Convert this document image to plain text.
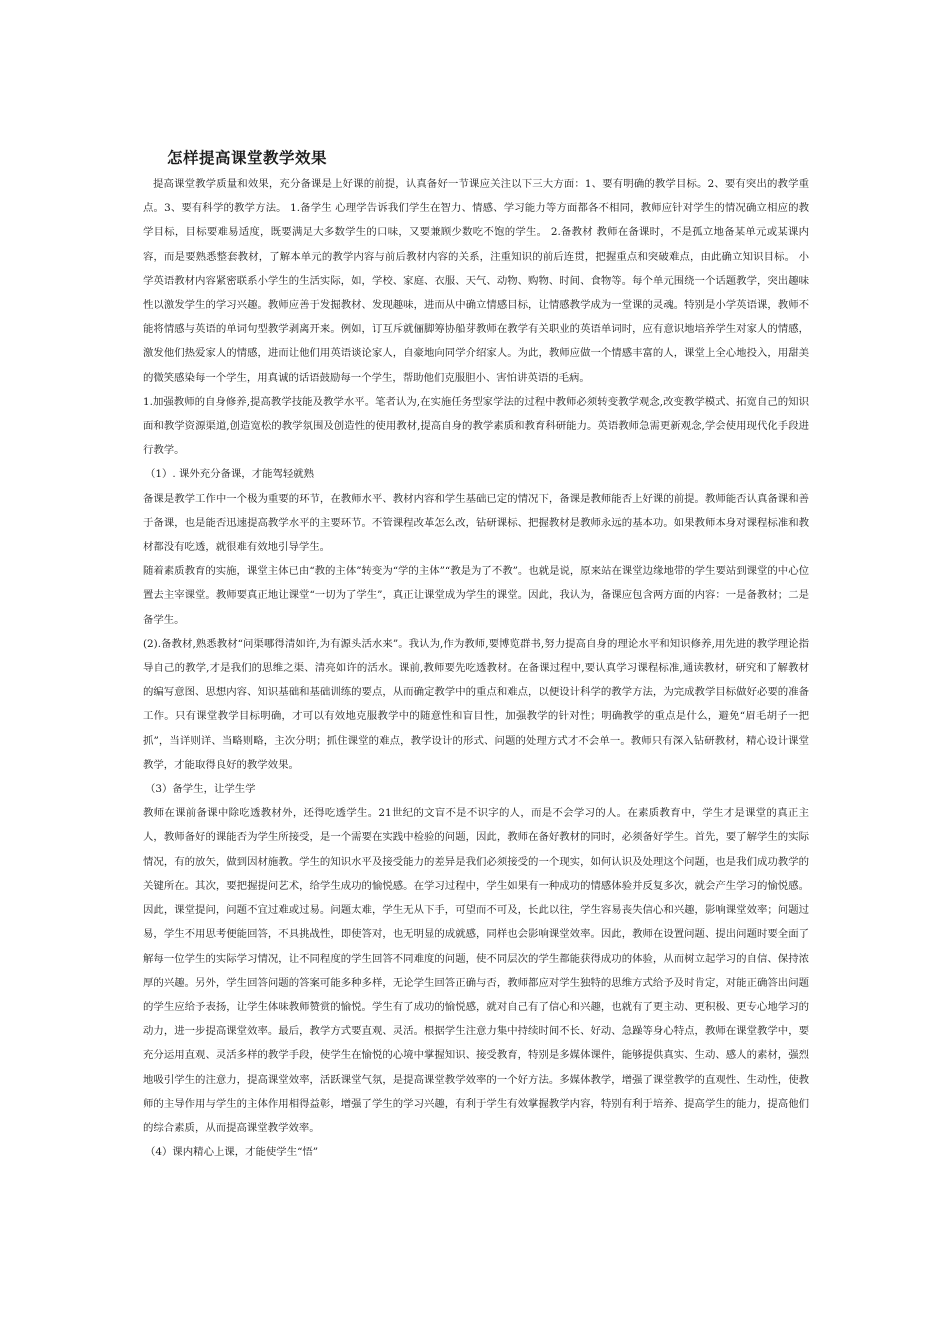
怎样提高课堂教学效果

提高课堂教学质量和效果，充分备课是上好课的前提，认真备好一节课应关注以下三大方面：1、要有明确的教学目标。2、要有突出的教学重点。3、要有科学的教学方法。 1.备学生 心理学告诉我们学生在智力、情感、学习能力等方面都各不相同，教师应针对学生的情况确立相应的教学目标，目标要难易适度，既要满足大多数学生的口味，又要兼顾少数吃不饱的学生。 2.备教材 教师在备课时，不是孤立地备某单元或某课内容，而是要熟悉整套教材，了解本单元的教学内容与前后教材内容的关系，注重知识的前后连贯，把握重点和突破难点，由此确立知识目标。 小学英语教材内容紧密联系小学生的生活实际，如，学校、家庭、衣服、天气、动物、购物、时间、食物等。每个单元围绕一个话题教学，突出趣味性以激发学生的学习兴趣。教师应善于发掘教材、发现趣味，进而从中确立情感目标，让情感教学成为一堂课的灵魂。特别是小学英语课，教师不能将情感与英语的单词句型教学剥离开来。例如，订互斥就俪脚筹协船芽教师在教学有关职业的英语单词时，应有意识地培养学生对家人的情感，激发他们热爱家人的情感，进而让他们用英语谈论家人，自豪地向同学介绍家人。为此，教师应做一个情感丰富的人，课堂上全心地投入，用甜美的微笑感染每一个学生，用真诚的话语鼓励每一个学生，帮助他们克服胆小、害怕讲英语的毛病。

1.加强教师的自身修养,提高教学技能及教学水平。笔者认为,在实施任务型家学法的过程中教师必须转变教学观念,改变教学模式、拓宽自己的知识面和教学资源渠道,创造宽松的教学氛围及创造性的使用教材,提高自身的教学素质和教育科研能力。英语教师急需更新观念,学会使用现代化手段进行教学。

（1）. 课外充分备课，才能驾轻就熟

备课是教学工作中一个极为重要的环节，在教师水平、教材内容和学生基础已定的情况下，备课是教师能否上好课的前提。教师能否认真备课和善于备课，也是能否迅速提高教学水平的主要环节。不管课程改革怎么改，钻研课标、把握教材是教师永远的基本功。如果教师本身对课程标准和教材都没有吃透，就很难有效地引导学生。

随着素质教育的实施，课堂主体已由“教的主体”转变为“学的主体”“教是为了不教”。也就是说，原来站在课堂边缘地带的学生要站到课堂的中心位置去主宰课堂。教师要真正地让课堂“一切为了学生”，真正让课堂成为学生的课堂。因此，我认为，备课应包含两方面的内容：一是备教材；二是备学生。

(2).备教材,熟悉教材“问渠哪得清如许,为有源头活水来”。我认为,作为教师,要博览群书,努力提高自身的理论水平和知识修养,用先进的教学理论指导自己的教学,才是我们的思维之渠、清亮如许的活水。课前,教师要先吃透教材。在备课过程中,要认真学习课程标准,通读教材，研究和了解教材的编写意图、思想内容、知识基础和基础训练的要点，从而确定教学中的重点和难点，以便设计科学的教学方法，为完成教学目标做好必要的准备工作。只有课堂教学目标明确，才可以有效地克服教学中的随意性和盲目性，加强教学的针对性；明确教学的重点是什么，避免“眉毛胡子一把抓”，当详则详、当略则略，主次分明；抓住课堂的难点，教学设计的形式、问题的处理方式才不会单一。教师只有深入钻研教材，精心设计课堂教学，才能取得良好的教学效果。

（3）备学生，让学生学

教师在课前备课中除吃透教材外，还得吃透学生。21世纪的文盲不是不识字的人，而是不会学习的人。在素质教育中，学生才是课堂的真正主人，教师备好的课能否为学生所接受，是一个需要在实践中检验的问题，因此，教师在备好教材的同时，必须备好学生。首先，要了解学生的实际情况，有的放矢，做到因材施教。学生的知识水平及接受能力的差异是我们必须接受的一个现实，如何认识及处理这个问题，也是我们成功教学的关键所在。其次，要把握提问艺术，给学生成功的愉悦感。在学习过程中，学生如果有一种成功的情感体验并反复多次，就会产生学习的愉悦感。因此，课堂提问，问题不宜过难或过易。问题太难，学生无从下手，可望而不可及，长此以往，学生容易丧失信心和兴趣，影响课堂效率；问题过易，学生不用思考便能回答，不具挑战性，即使答对，也无明显的成就感，同样也会影响课堂效率。因此，教师在设置问题、提出问题时要全面了解每一位学生的实际学习情况，让不同程度的学生回答不同难度的问题，使不同层次的学生都能获得成功的体验，从而树立起学习的自信、保持浓厚的兴趣。另外，学生回答问题的答案可能多种多样，无论学生回答正确与否，教师都应对学生独特的思维方式给予及时肯定，对能正确答出问题的学生应给予表扬，让学生体味教师赞赏的愉悦。学生有了成功的愉悦感，就对自己有了信心和兴趣，也就有了更主动、更积极、更专心地学习的动力，进一步提高课堂效率。最后，教学方式要直观、灵活。根据学生注意力集中持续时间不长、好动、急躁等身心特点，教师在课堂教学中，要充分运用直观、灵活多样的教学手段，使学生在愉悦的心境中掌握知识、接受教育，特别是多媒体课件，能够提供真实、生动、感人的素材，强烈地吸引学生的注意力，提高课堂效率，活跃课堂气氛，是提高课堂教学效率的一个好方法。多媒体教学，增强了课堂教学的直观性、生动性，使教师的主导作用与学生的主体作用相得益彰，增强了学生的学习兴趣，有利于学生有效掌握教学内容，特别有利于培养、提高学生的能力，提高他们的综合素质，从而提高课堂教学效率。

（4）课内精心上课，才能使学生“悟”
